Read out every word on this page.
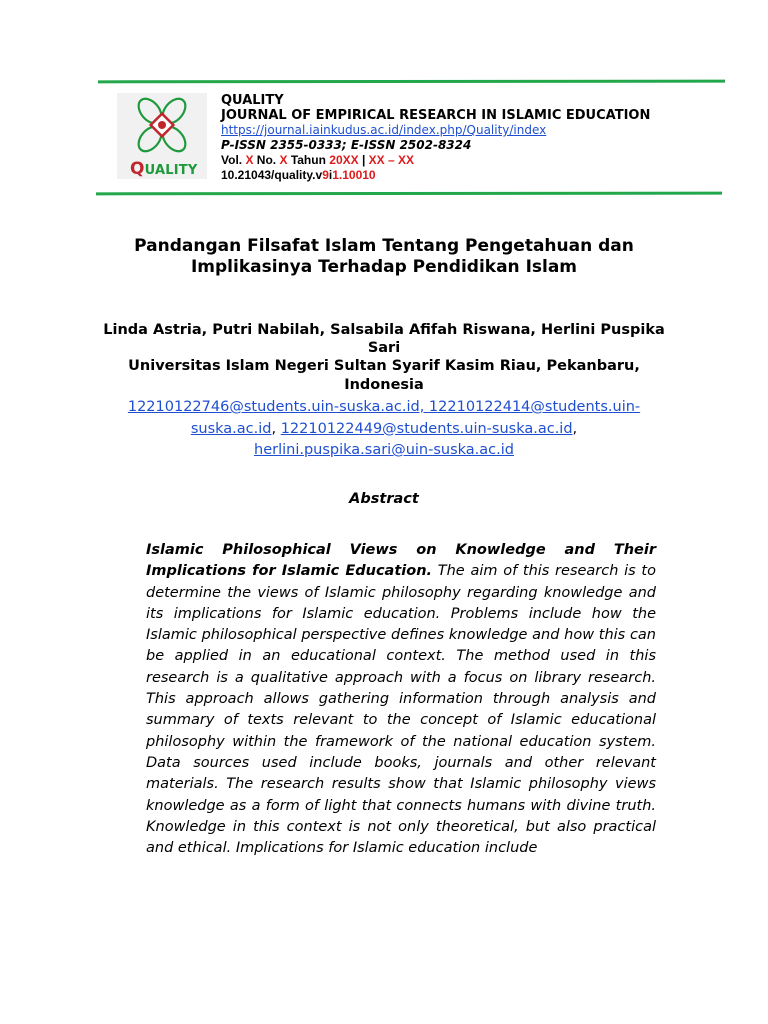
QUALITY
QUALITY
JOURNAL OF EMPIRICAL RESEARCH IN ISLAMIC EDUCATION
https://journal.iainkudus.ac.id/index.php/Quality/index
P-ISSN 2355-0333; E-ISSN 2502-8324
Vol. X No. X Tahun 20XX | XX – XX
10.21043/quality.v9i1.10010
Pandangan Filsafat Islam Tentang Pengetahuan dan Implikasinya Terhadap Pendidikan Islam
Linda Astria, Putri Nabilah, Salsabila Afifah Riswana, Herlini Puspika Sari
Universitas Islam Negeri Sultan Syarif Kasim Riau, Pekanbaru, Indonesia
12210122746@students.uin-suska.ac.id, 12210122414@students.uin-suska.ac.id, 12210122449@students.uin-suska.ac.id, herlini.puspika.sari@uin-suska.ac.id
Abstract

Islamic Philosophical Views on Knowledge and Their Implications for Islamic Education. The aim of this research is to determine the views of Islamic philosophy regarding knowledge and its implications for Islamic education. Problems include how the Islamic philosophical perspective defines knowledge and how this can be applied in an educational context. The method used in this research is a qualitative approach with a focus on library research. This approach allows gathering information through analysis and summary of texts relevant to the concept of Islamic educational philosophy within the framework of the national education system. Data sources used include books, journals and other relevant materials. The research results show that Islamic philosophy views knowledge as a form of light that connects humans with divine truth. Knowledge in this context is not only theoretical, but also practical and ethical. Implications for Islamic education include
